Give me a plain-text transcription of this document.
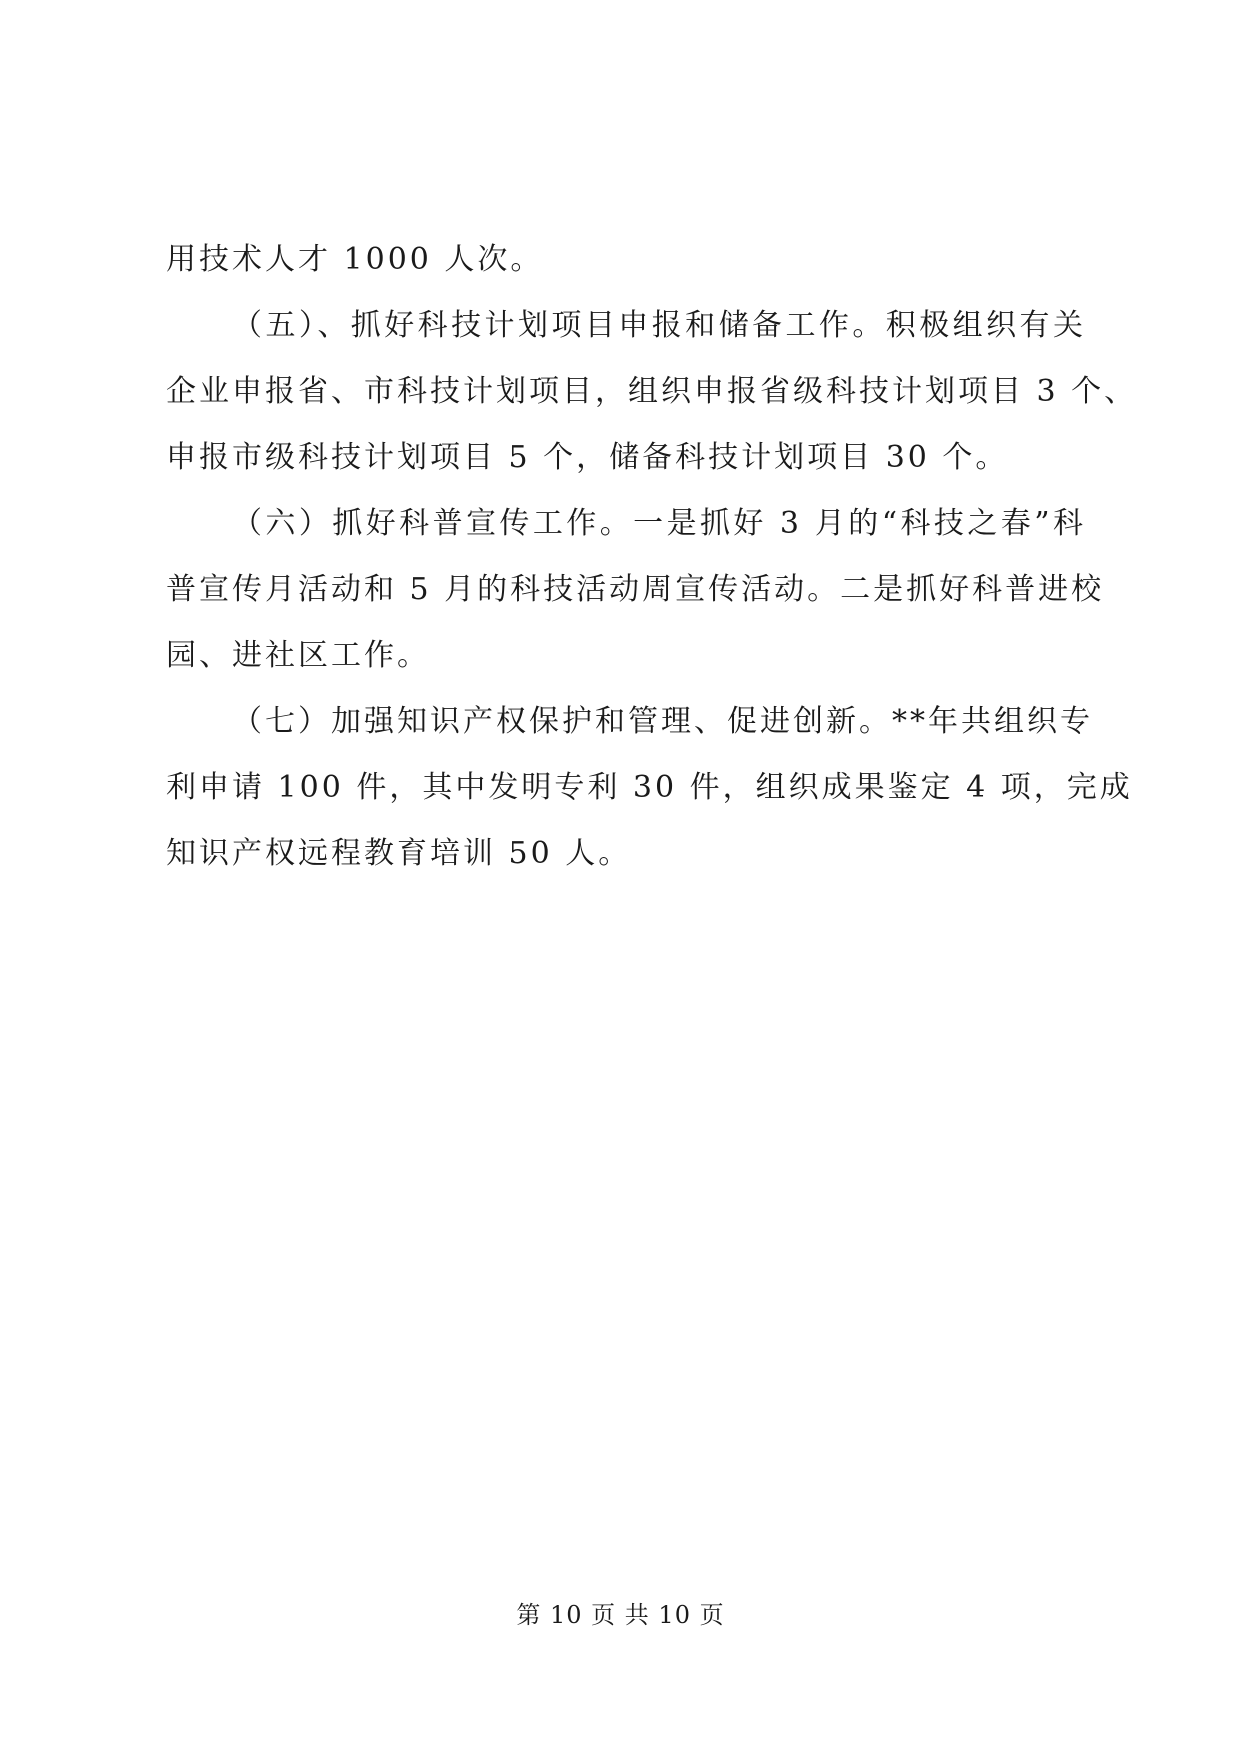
用技术人才 1000 人次。
（五）、抓好科技计划项目申报和储备工作。积极组织有关
企业申报省、市科技计划项目，组织申报省级科技计划项目 3 个、
申报市级科技计划项目 5 个，储备科技计划项目 30 个。
（六）抓好科普宣传工作。一是抓好 3 月的“科技之春”科
普宣传月活动和 5 月的科技活动周宣传活动。二是抓好科普进校
园、进社区工作。
（七）加强知识产权保护和管理、促进创新。**年共组织专
利申请 100 件，其中发明专利 30 件，组织成果鉴定 4 项，完成
知识产权远程教育培训 50 人。
第 10 页 共 10 页
